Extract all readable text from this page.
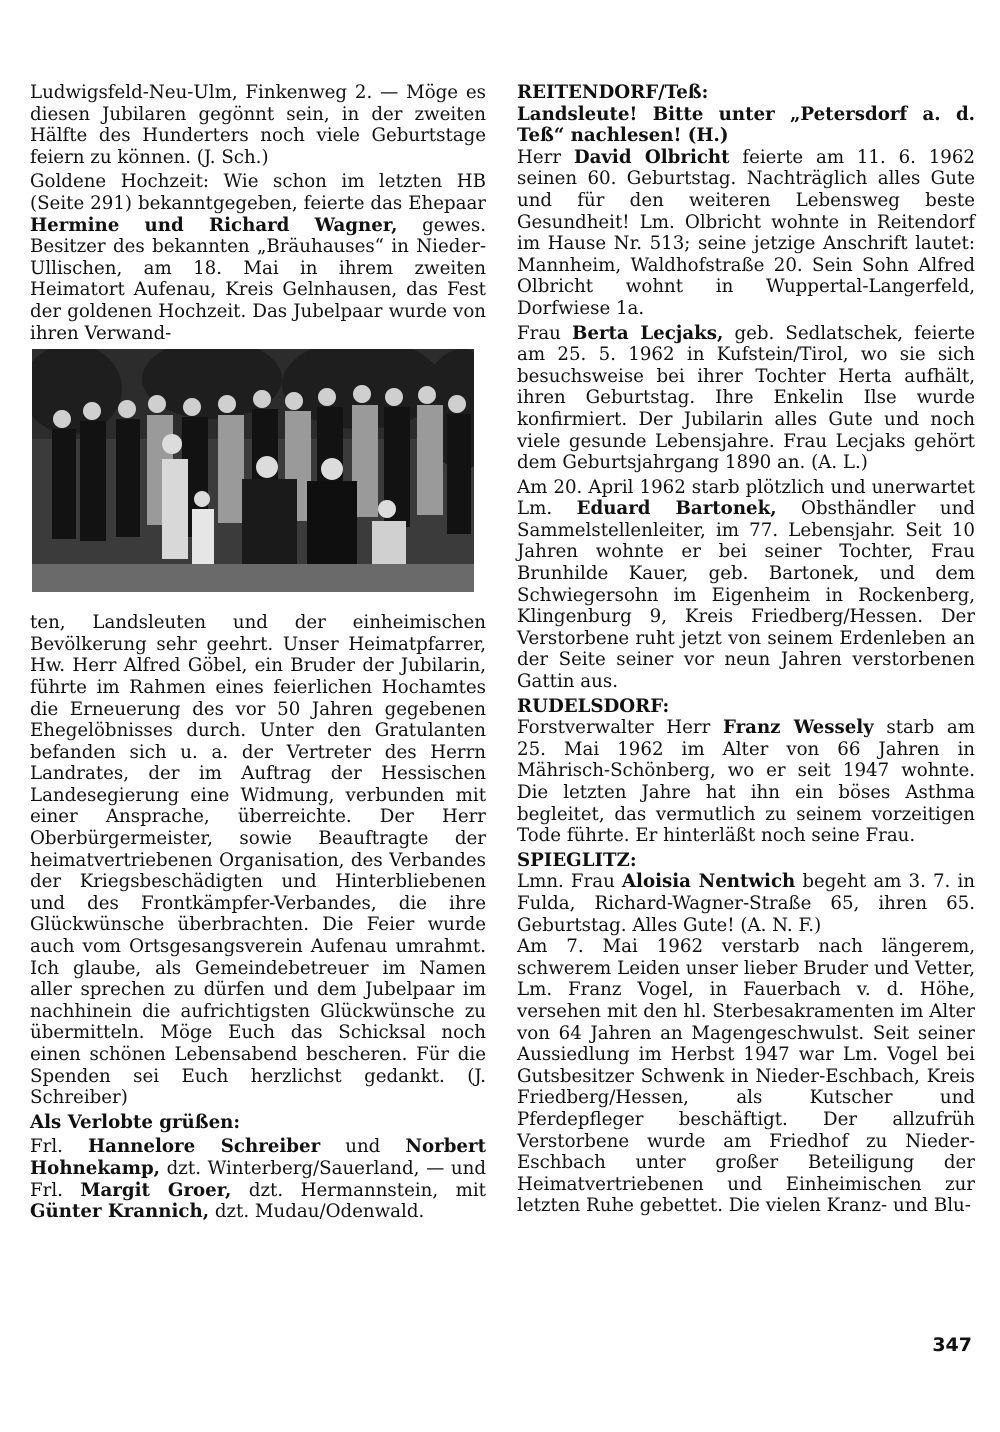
Ludwigsfeld-Neu-Ulm, Finkenweg 2. — Möge es diesen Jubilaren gegönnt sein, in der zweiten Hälfte des Hunderters noch viele Geburtstage feiern zu können. (J. Sch.)

Goldene Hochzeit: Wie schon im letzten HB (Seite 291) bekanntgegeben, feierte das Ehepaar Hermine und Richard Wagner, gewes. Besitzer des bekannten „Bräuhauses“ in Nieder-Ullischen, am 18. Mai in ihrem zweiten Heimatort Aufenau, Kreis Gelnhausen, das Fest der goldenen Hochzeit. Das Jubelpaar wurde von ihren Verwand-

ten, Landsleuten und der einheimischen Bevölkerung sehr geehrt. Unser Heimatpfarrer, Hw. Herr Alfred Göbel, ein Bruder der Jubilarin, führte im Rahmen eines feierlichen Hochamtes die Erneuerung des vor 50 Jahren gegebenen Ehegelöbnisses durch. Unter den Gratulanten befanden sich u. a. der Vertreter des Herrn Landrates, der im Auftrag der Hessischen Landesegierung eine Widmung, verbunden mit einer Ansprache, überreichte. Der Herr Oberbürgermeister, sowie Beauftragte der heimatvertriebenen Organisation, des Verbandes der Kriegsbeschädigten und Hinterbliebenen und des Frontkämpfer-Verbandes, die ihre Glückwünsche überbrachten. Die Feier wurde auch vom Ortsgesangsverein Aufenau umrahmt. Ich glaube, als Gemeindebetreuer im Namen aller sprechen zu dürfen und dem Jubelpaar im nachhinein die aufrichtigsten Glückwünsche zu übermitteln. Möge Euch das Schicksal noch einen schönen Lebensabend bescheren. Für die Spenden sei Euch herzlichst gedankt. (J. Schreiber)

Als Verlobte grüßen:

Frl. Hannelore Schreiber und Norbert Hohnekamp, dzt. Winterberg/Sauerland, — und Frl. Margit Groer, dzt. Hermannstein, mit Günter Krannich, dzt. Mudau/Odenwald.

REITENDORF/Teß:
Landsleute! Bitte unter „Petersdorf a. d. Teß“ nachlesen! (H.)

Herr David Olbricht feierte am 11. 6. 1962 seinen 60. Geburtstag. Nachträglich alles Gute und für den weiteren Lebensweg beste Gesundheit! Lm. Olbricht wohnte in Reitendorf im Hause Nr. 513; seine jetzige Anschrift lautet: Mannheim, Waldhofstraße 20. Sein Sohn Alfred Olbricht wohnt in Wuppertal-Langerfeld, Dorfwiese 1a.

Frau Berta Lecjaks, geb. Sedlatschek, feierte am 25. 5. 1962 in Kufstein/Tirol, wo sie sich besuchsweise bei ihrer Tochter Herta aufhält, ihren Geburtstag. Ihre Enkelin Ilse wurde konfirmiert. Der Jubilarin alles Gute und noch viele gesunde Lebensjahre. Frau Lecjaks gehört dem Geburtsjahrgang 1890 an. (A. L.)

Am 20. April 1962 starb plötzlich und unerwartet Lm. Eduard Bartonek, Obsthändler und Sammelstellenleiter, im 77. Lebensjahr. Seit 10 Jahren wohnte er bei seiner Tochter, Frau Brunhilde Kauer, geb. Bartonek, und dem Schwiegersohn im Eigenheim in Rockenberg, Klingenburg 9, Kreis Friedberg/Hessen. Der Verstorbene ruht jetzt von seinem Erdenleben an der Seite seiner vor neun Jahren verstorbenen Gattin aus.

RUDELSDORF:

Forstverwalter Herr Franz Wessely starb am 25. Mai 1962 im Alter von 66 Jahren in Mährisch-Schönberg, wo er seit 1947 wohnte. Die letzten Jahre hat ihn ein böses Asthma begleitet, das vermutlich zu seinem vorzeitigen Tode führte. Er hinterläßt noch seine Frau.

SPIEGLITZ:

Lmn. Frau Aloisia Nentwich begeht am 3. 7. in Fulda, Richard-Wagner-Straße 65, ihren 65. Geburtstag. Alles Gute! (A. N. F.)

Am 7. Mai 1962 verstarb nach längerem, schwerem Leiden unser lieber Bruder und Vetter, Lm. Franz Vogel, in Fauerbach v. d. Höhe, versehen mit den hl. Sterbesakramenten im Alter von 64 Jahren an Magengeschwulst. Seit seiner Aussiedlung im Herbst 1947 war Lm. Vogel bei Gutsbesitzer Schwenk in Nieder-Eschbach, Kreis Friedberg/Hessen, als Kutscher und Pferdepfleger beschäftigt. Der allzufrüh Verstorbene wurde am Friedhof zu Nieder-Eschbach unter großer Beteiligung der Heimatvertriebenen und Einheimischen zur letzten Ruhe gebettet. Die vielen Kranz- und Blu-

347
